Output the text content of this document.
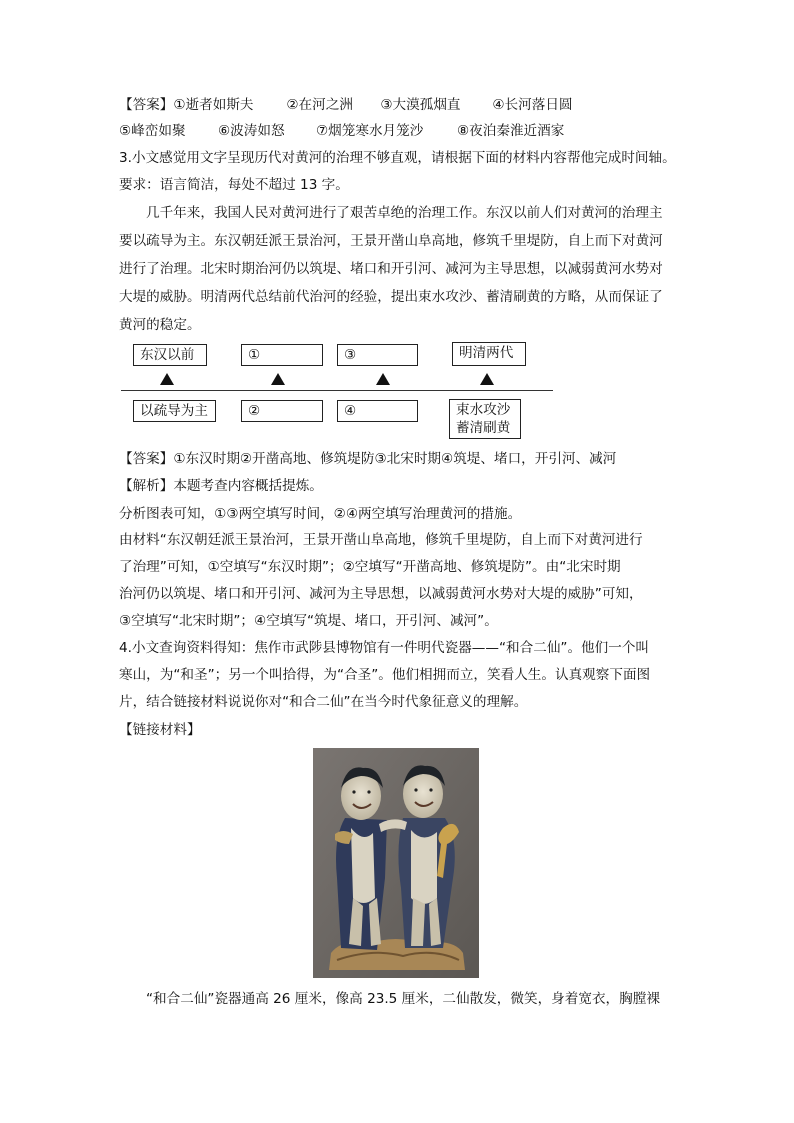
【答案】①逝者如斯夫 ②在河之洲 ③大漠孤烟直 ④长河落日圆
⑤峰峦如聚 ⑥波涛如怒 ⑦烟笼寒水月笼沙 ⑧夜泊秦淮近酒家
3.小文感觉用文字呈现历代对黄河的治理不够直观，请根据下面的材料内容帮他完成时间轴。
要求：语言简洁，每处不超过 13 字。
几千年来，我国人民对黄河进行了艰苦卓绝的治理工作。东汉以前人们对黄河的治理主
要以疏导为主。东汉朝廷派王景治河，王景开凿山阜高地，修筑千里堤防，自上而下对黄河
进行了治理。北宋时期治河仍以筑堤、堵口和开引河、减河为主导思想，以减弱黄河水势对
大堤的威胁。明清两代总结前代治河的经验，提出束水攻沙、蓄清刷黄的方略，从而保证了
黄河的稳定。
东汉以前	①	③	明清两代
以疏导为主	②	④	束水攻沙
蓄清刷黄
【答案】①东汉时期②开凿高地、修筑堤防③北宋时期④筑堤、堵口，开引河、减河
【解析】本题考查内容概括提炼。
分析图表可知，①③两空填写时间，②④两空填写治理黄河的措施。
由材料“东汉朝廷派王景治河，王景开凿山阜高地，修筑千里堤防，自上而下对黄河进行
了治理”可知，①空填写“东汉时期”；②空填写“开凿高地、修筑堤防”。由“北宋时期
治河仍以筑堤、堵口和开引河、减河为主导思想，以减弱黄河水势对大堤的威胁”可知，
③空填写“北宋时期”；④空填写“筑堤、堵口，开引河、减河”。
4.小文查询资料得知：焦作市武陟县博物馆有一件明代瓷器——“和合二仙”。他们一个叫
寒山，为“和圣”；另一个叫拾得，为“合圣”。他们相拥而立，笑看人生。认真观察下面图
片，结合链接材料说说你对“和合二仙”在当今时代象征意义的理解。
【链接材料】
“和合二仙”瓷器通高 26 厘米，像高 23.5 厘米，二仙散发，微笑，身着宽衣，胸膛裸
